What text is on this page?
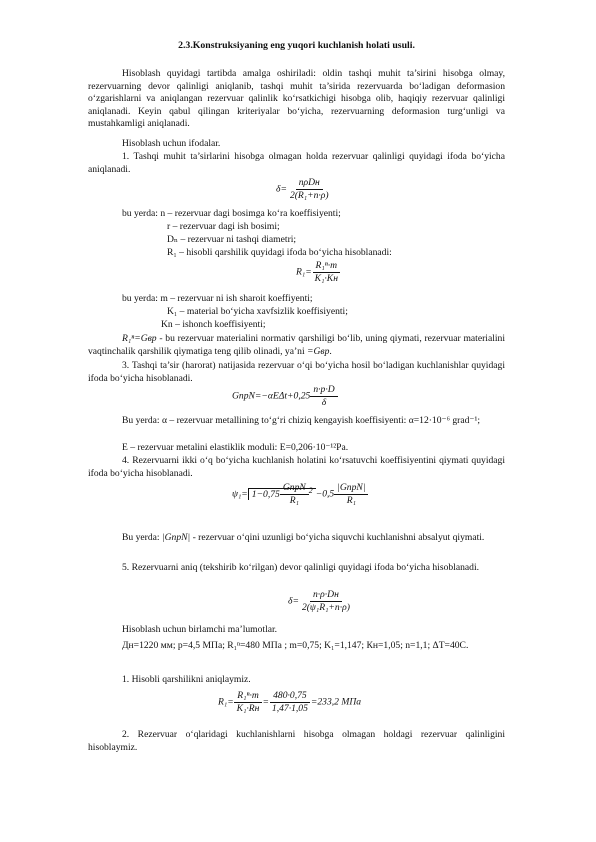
2.3.Konstruksiyaning eng yuqori kuchlanish holati usuli.
Hisoblash quyidagi tartibda amalga oshiriladi: oldin tashqi muhit ta’sirini hisobga olmay, rezervuarning devor qalinligi aniqlanib, tashqi muhit ta’sirida rezervuarda bo‘ladigan deformasion o‘zgarishlarni va aniqlangan rezervuar qalinlik ko‘rsatkichigi hisobga olib, haqiqiy rezervuar qalinligi aniqlanadi. Keyin qabul qilingan kriteriyalar bo‘yicha, rezervuarning deformasion turg‘unligi va mustahkamligi aniqlanadi.
Hisoblash uchun ifodalar.
1. Tashqi muhit ta’sirlarini hisobga olmagan holda rezervuar qalinligi quyidagi ifoda bo‘yicha aniqlanadi.
$\delta= \frac{\text{nρDн}}{\text{2(R₁+n·ρ)}}$
bu yerda: n – rezervuar dagi bosimga ko‘ra koeffisiyenti;
r – rezervuar dagi ish bosimi;
Dₙ – rezervuar ni tashqi diametri;
R₁ – hisobli qarshilik quyidagi ifoda bo‘yicha hisoblanadi:
$R_1= \frac{\text{R₁ⁿ·m}}{\text{K₁·Kн}}$
bu yerda: m – rezervuar ni ish sharoit koeffiyenti;
K₁ – material bo‘yicha xavfsizlik koeffisiyenti;
Kn – ishonch koeffisiyenti;
R₁ⁿ=Gвр - bu rezervuar materialini normativ qarshiligi bo‘lib, uning qiymati, rezervuar materialini vaqtinchalik qarshilik qiymatiga teng qilib olinadi, ya’ni =Gвр.
3. Tashqi ta’sir (harorat) natijasida rezervuar o‘qi bo‘yicha hosil bo‘ladigan kuchlanishlar quyidagi ifoda bo‘yicha hisoblanadi.
GпрN=−αEΔt+0,25 $\frac{n\cdot p\cdot D}{\delta}$
Bu yerda: α – rezervuar metallining to‘g‘ri chiziq kengayish koeffisiyenti: α=12·10⁻⁶ grad⁻¹;
E – rezervuar metalini elastiklik moduli: E=0,206·10⁻¹²Pa.
4. Rezervuarni ikki o‘q bo‘yicha kuchlanish holatini ko‘rsatuvchi koeffisiyentini qiymati quyidagi ifoda bo‘yicha hisoblanadi.
$\psi_1= 1-0,75 \frac{\text{GпрN}}{\text{R₁}} ^2 -0,5 \frac{\text{|GпрN|}}{\text{R₁}}$
Bu yerda: |GпрN| - rezervuar o‘qini uzunligi bo‘yicha siquvchi kuchlanishni absalyut qiymati.
5. Rezervuarni aniq (tekshirib ko‘rilgan) devor qalinligi quyidagi ifoda bo‘yicha hisoblanadi.
$\delta= \frac{n\cdot\rho\cdot Dн}{\text{2(ψ₁R₁+n·ρ)}}$
Hisoblash uchun birlamchi ma’lumotlar.
Дн=1220 мм; p=4,5 МПа; R₁ⁿ=480 МПа ; m=0,75; K₁=1,147; Кн=1,05; n=1,1; ΔT=40C.
1. Hisobli qarshilikni aniqlaymiz.
$R_1= \frac{\text{R₁ⁿ·m}}{\text{K₁·Rн}} = \frac{480\cdot 0,75}{1,47\cdot 1,05} =233,2$ МПа
2. Rezervuar o‘qlaridagi kuchlanishlarni hisobga olmagan holdagi rezervuar qalinligini hisoblaymiz.
